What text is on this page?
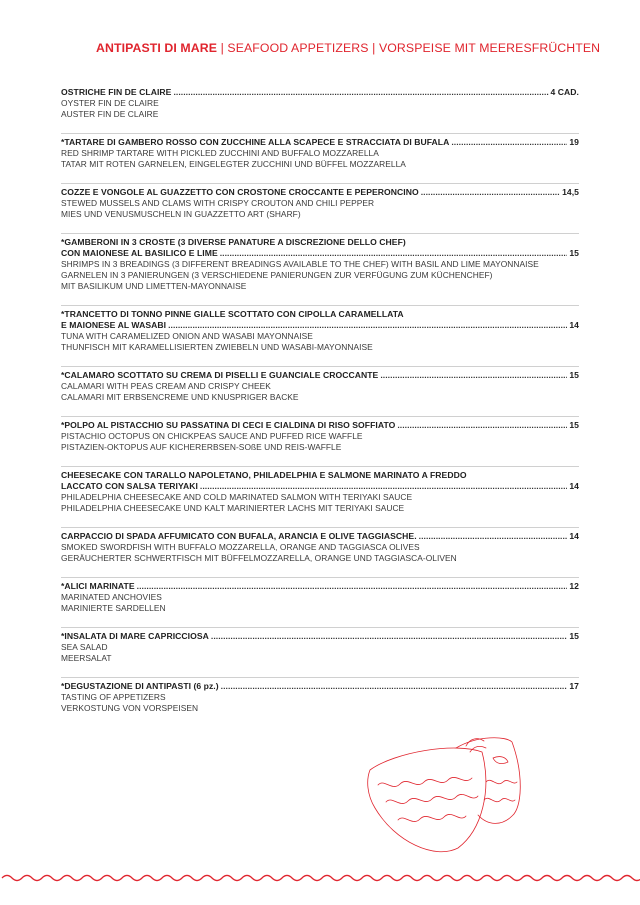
ANTIPASTI DI MARE | SEAFOOD APPETIZERS | VORSPEISE MIT MEERESFRÜCHTEN
OSTRICHE FIN DE CLAIRE .....	4 CAD.
OYSTER FIN DE CLAIRE
AUSTER FIN DE CLAIRE
*TARTARE DI GAMBERO ROSSO CON ZUCCHINE ALLA SCAPECE E STRACCIATA DI BUFALA .....	19
RED SHRIMP TARTARE WITH PICKLED ZUCCHINI AND BUFFALO MOZZARELLA
TATAR MIT ROTEN GARNELEN, EINGELEGTER ZUCCHINI UND BÜFFEL MOZZARELLA
COZZE E VONGOLE AL GUAZZETTO CON CROSTONE CROCCANTE E PEPERONCINO .....	14,5
STEWED MUSSELS AND CLAMS WITH CRISPY CROUTON AND CHILI PEPPER
MIES UND VENUSMUSCHELN IN GUAZZETTO ART (SHARF)
*GAMBERONI IN 3 CROSTE (3 DIVERSE PANATURE A DISCREZIONE DELLO CHEF)
CON MAIONESE AL BASILICO E LIME .....	15
SHRIMPS IN 3 BREADINGS (3 DIFFERENT BREADINGS AVAILABLE TO THE CHEF) WITH BASIL AND LIME MAYONNAISE
GARNELEN IN 3 PANIERUNGEN (3 VERSCHIEDENE PANIERUNGEN ZUR VERFÜGUNG ZUM KÜCHENCHEF)
MIT BASILIKUM UND LIMETTEN-MAYONNAISE
*TRANCETTO DI TONNO PINNE GIALLE SCOTTATO CON CIPOLLA CARAMELLATA
E MAIONESE AL WASABI .....	14
TUNA WITH CARAMELIZED ONION AND WASABI MAYONNAISE
THUNFISCH MIT KARAMELLISIERTEN ZWIEBELN UND WASABI-MAYONNAISE
*CALAMARO SCOTTATO SU CREMA DI PISELLI E GUANCIALE CROCCANTE .....	15
CALAMARI WITH PEAS CREAM AND CRISPY CHEEK
CALAMARI MIT ERBSENCREME UND KNUSPRIGER BACKE
*POLPO AL PISTACCHIO SU PASSATINA DI CECI E CIALDINA DI RISO SOFFIATO .....	15
PISTACHIO OCTOPUS ON CHICKPEAS SAUCE AND PUFFED RICE WAFFLE
PISTAZIEN-OKTOPUS AUF KICHERERBSEN-SOßE UND REIS-WAFFLE
CHEESECAKE CON TARALLO NAPOLETANO, PHILADELPHIA E SALMONE MARINATO A FREDDO
LACCATO CON SALSA TERIYAKI .....	14
PHILADELPHIA CHEESECAKE AND COLD MARINATED SALMON WITH TERIYAKI SAUCE
PHILADELPHIA CHEESECAKE UND KALT MARINIERTER LACHS MIT TERIYAKI SAUCE
CARPACCIO DI SPADA AFFUMICATO CON BUFALA, ARANCIA E OLIVE TAGGIASCHE. .....	14
SMOKED SWORDFISH WITH BUFFALO MOZZARELLA, ORANGE AND TAGGIASCA OLIVES
GERÄUCHERTER SCHWERTFISCH MIT BÜFFELMOZZARELLA, ORANGE UND TAGGIASCA-OLIVEN
*ALICI MARINATE .....	12
MARINATED ANCHOVIES
MARINIERTE SARDELLEN
*INSALATA DI MARE CAPRICCIOSA .....	15
SEA SALAD
MEERSALAT
*DEGUSTAZIONE DI ANTIPASTI (6 pz.) .....	17
TASTING OF APPETIZERS
VERKOSTUNG VON VORSPEISEN
